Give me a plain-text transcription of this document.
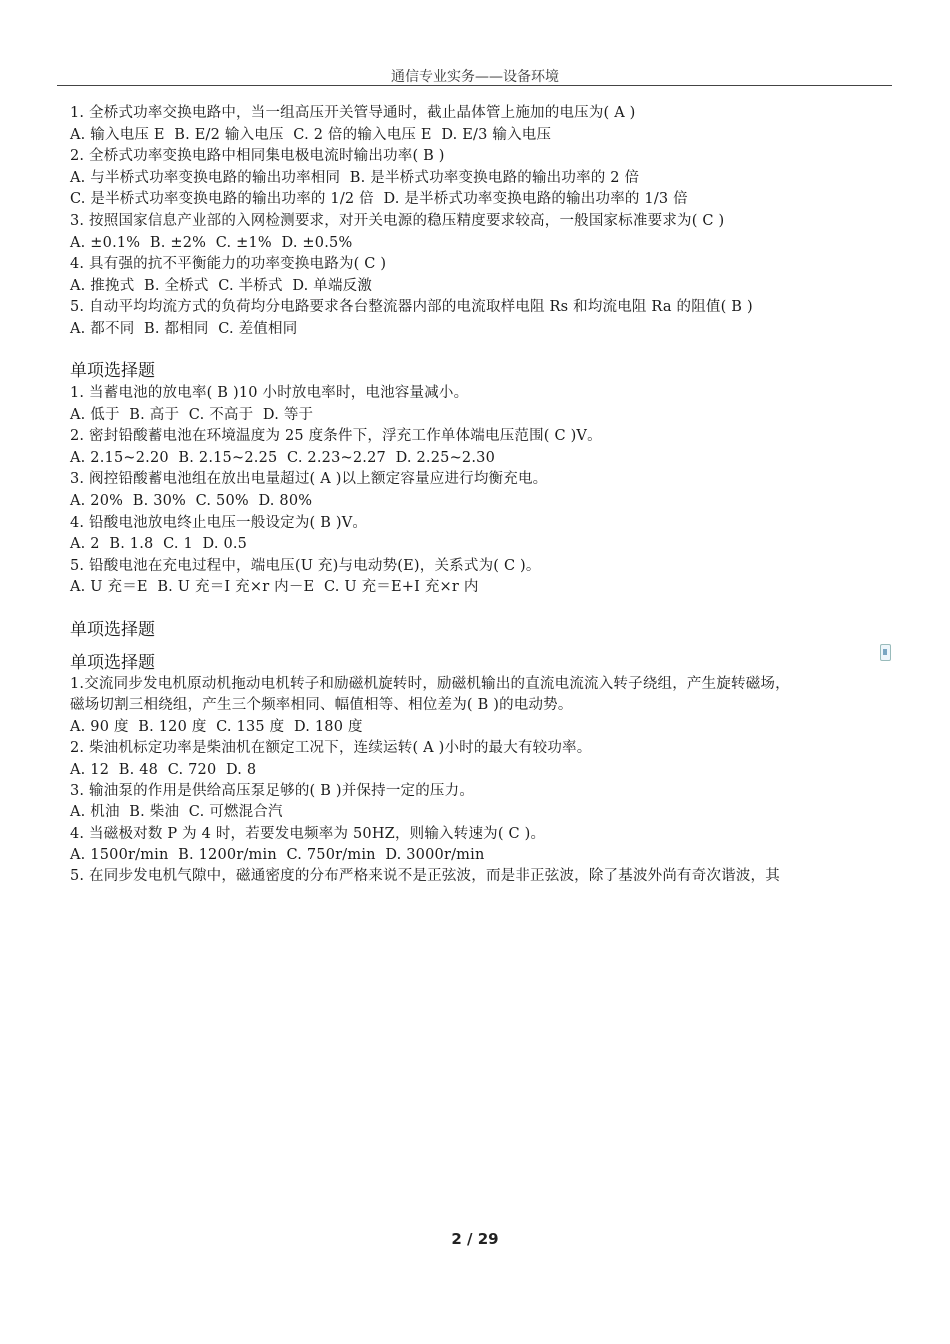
通信专业实务——设备环境
1. 全桥式功率交换电路中，当一组高压开关管导通时，截止晶体管上施加的电压为( A )
A. 输入电压 E  B. E/2 输入电压  C. 2 倍的输入电压 E  D. E/3 输入电压
2. 全桥式功率变换电路中相同集电极电流时输出功率( B )
A. 与半桥式功率变换电路的输出功率相同  B. 是半桥式功率变换电路的输出功率的 2 倍
C. 是半桥式功率变换电路的输出功率的 1/2 倍  D. 是半桥式功率变换电路的输出功率的 1/3 倍
3. 按照国家信息产业部的入网检测要求，对开关电源的稳压精度要求较高，一般国家标准要求为( C )
A. ±0.1%  B. ±2%  C. ±1%  D. ±0.5%
4. 具有强的抗不平衡能力的功率变换电路为( C )
A. 推挽式  B. 全桥式  C. 半桥式  D. 单端反激
5. 自动平均均流方式的负荷均分电路要求各台整流器内部的电流取样电阻 Rs 和均流电阻 Ra 的阻值( B )
A. 都不同  B. 都相同  C. 差值相同
单项选择题
1. 当蓄电池的放电率( B )10 小时放电率时，电池容量减小。
A. 低于  B. 高于  C. 不高于  D. 等于
2. 密封铅酸蓄电池在环境温度为 25 度条件下，浮充工作单体端电压范围( C )V。
A. 2.15~2.20  B. 2.15~2.25  C. 2.23~2.27  D. 2.25~2.30
3. 阀控铅酸蓄电池组在放出电量超过( A )以上额定容量应进行均衡充电。
A. 20%  B. 30%  C. 50%  D. 80%
4. 铅酸电池放电终止电压一般设定为( B )V。
A. 2  B. 1.8  C. 1  D. 0.5
5. 铅酸电池在充电过程中，端电压(U 充)与电动势(E)，关系式为( C )。
A. U 充＝E  B. U 充＝I 充×r 内－E  C. U 充＝E+I 充×r 内
单项选择题
单项选择题
1.交流同步发电机原动机拖动电机转子和励磁机旋转时，励磁机输出的直流电流流入转子绕组，产生旋转磁场，
磁场切割三相绕组，产生三个频率相同、幅值相等、相位差为( B )的电动势。
A. 90 度  B. 120 度  C. 135 度  D. 180 度
2. 柴油机标定功率是柴油机在额定工况下，连续运转( A )小时的最大有较功率。
A. 12  B. 48  C. 720  D. 8
3. 输油泵的作用是供给高压泵足够的( B )并保持一定的压力。
A. 机油  B. 柴油  C. 可燃混合汽
4. 当磁极对数 P 为 4 时，若要发电频率为 50HZ，则输入转速为( C )。
A. 1500r/min  B. 1200r/min  C. 750r/min  D. 3000r/min
5. 在同步发电机气隙中，磁通密度的分布严格来说不是正弦波，而是非正弦波，除了基波外尚有奇次谐波，其
2 / 29
